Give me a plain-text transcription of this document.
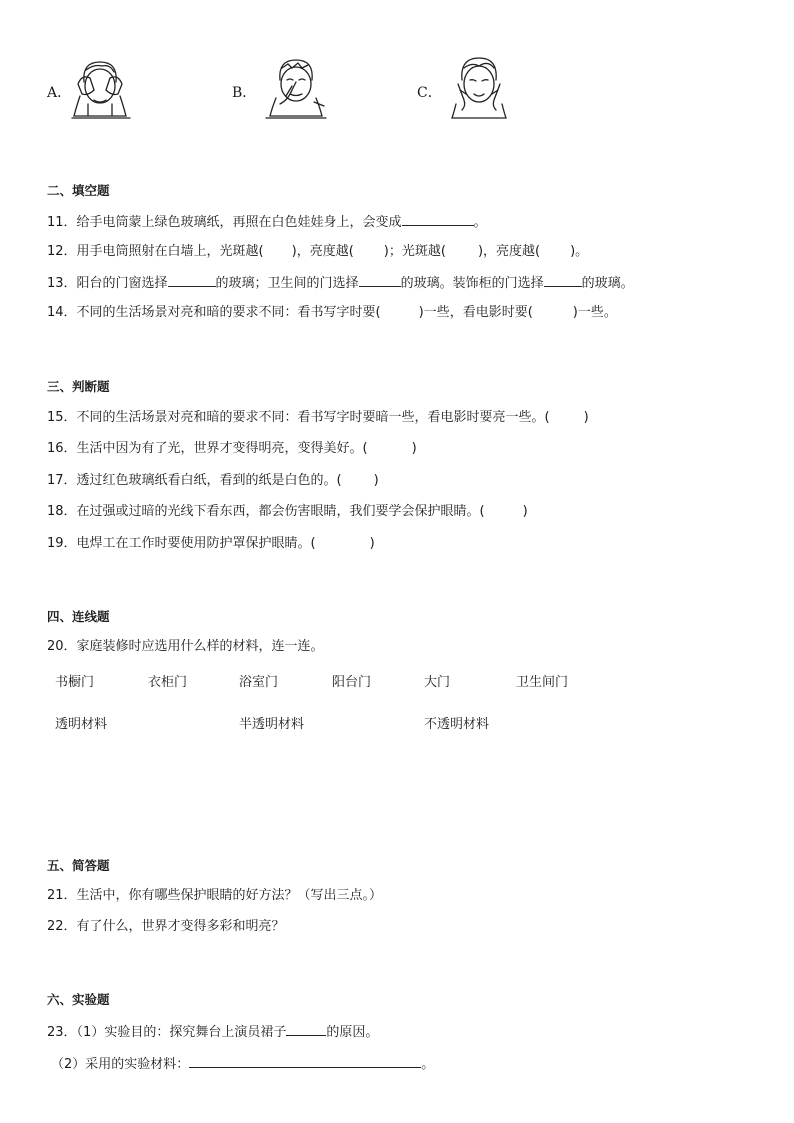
A．	B．	C．
二、填空题
11．给手电筒蒙上绿色玻璃纸，再照在白色娃娃身上，会变成	。
12．用手电筒照射在白墙上，光斑越( )，亮度越( )；光斑越( )，亮度越( )。
13．阳台的门窗选择	的玻璃；卫生间的门选择	的玻璃。装饰柜的门选择	的玻璃。
14．不同的生活场景对亮和暗的要求不同：看书写字时要(	)一些，看电影时要(	)一些。
三、判断题
15．不同的生活场景对亮和暗的要求不同：看书写字时要暗一些，看电影时要亮一些。(	)
16．生活中因为有了光，世界才变得明亮，变得美好。(	)
17．透过红色玻璃纸看白纸，看到的纸是白色的。( )
18．在过强或过暗的光线下看东西，都会伤害眼睛，我们要学会保护眼睛。(	)
19．电焊工在工作时要使用防护罩保护眼睛。(	)
四、连线题
20．家庭装修时应选用什么样的材料，连一连。
书橱门	衣柜门	浴室门	阳台门	大门	卫生间门
透明材料	半透明材料	不透明材料
五、简答题
21．生活中，你有哪些保护眼睛的好方法？（写出三点。）
22．有了什么，世界才变得多彩和明亮？
六、实验题
23．（1）实验目的：探究舞台上演员裙子	的原因。
（2）采用的实验材料：	。
